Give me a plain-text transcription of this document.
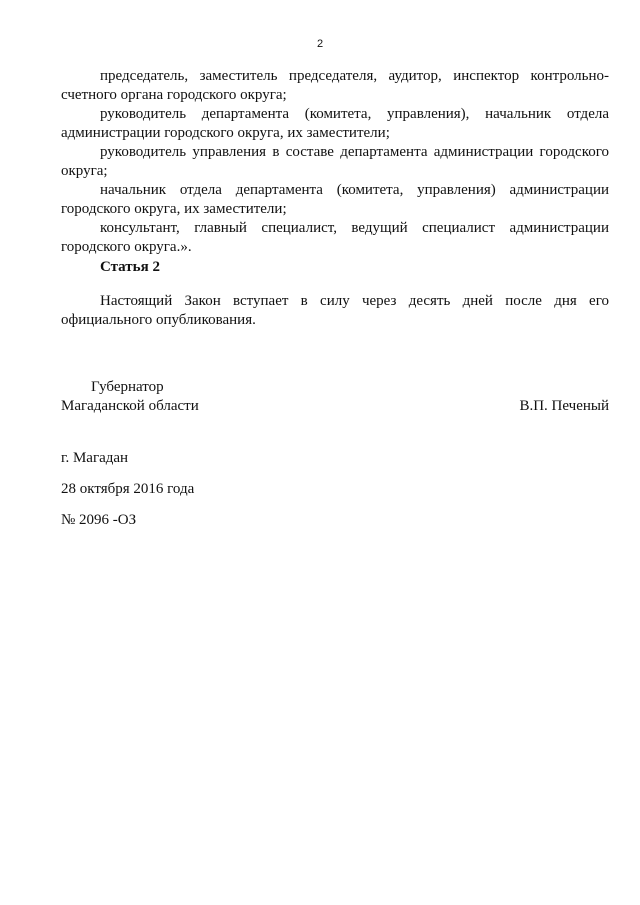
2

председатель, заместитель председателя, аудитор, инспектор контрольно-счетного органа городского округа;

руководитель департамента (комитета, управления), начальник отдела администрации городского округа, их заместители;

руководитель управления в составе департамента администрации городского округа;

начальник отдела департамента (комитета, управления) администрации городского округа, их заместители;

консультант, главный специалист, ведущий специалист администрации городского округа.».

Статья 2

Настоящий Закон вступает в силу через десять дней после дня его официального опубликования.

Губернатор
Магаданской области	В.П. Печеный
г. Магадан
28 октября 2016 года
№ 2096 -ОЗ
